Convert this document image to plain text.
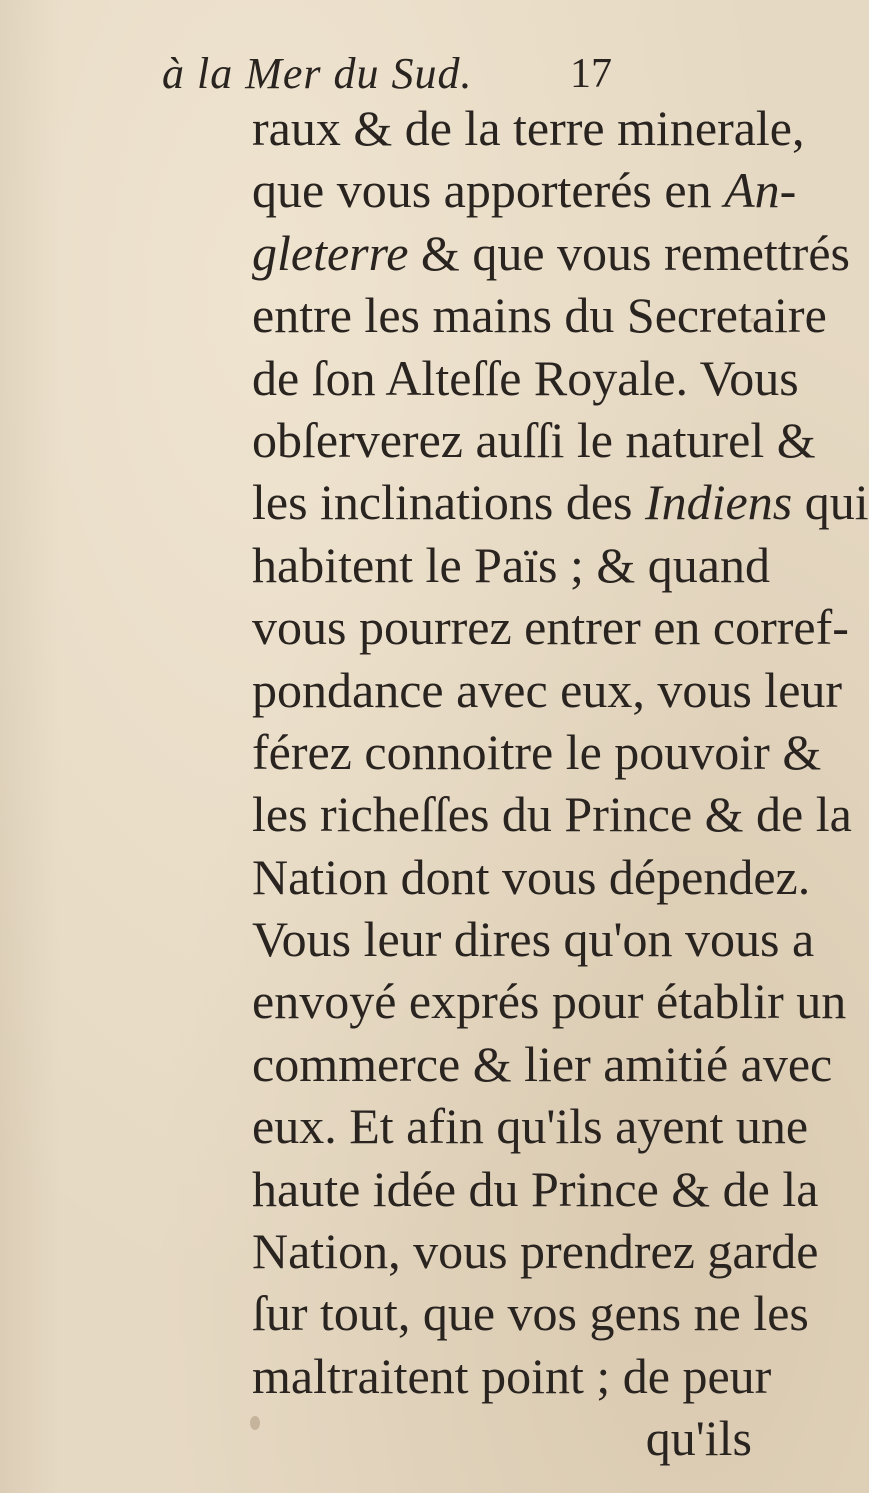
à la Mer du Sud. 17
raux & de la terre minerale,
que vous apporterés en An-
gleterre & que vous remettrés
entre les mains du Secretaire
de ſon Alteſſe Royale. Vous
obſerverez auſſi le naturel &
les inclinations des Indiens qui
habitent le Païs ; & quand
vous pourrez entrer en corref-
pondance avec eux, vous leur
férez connoitre le pouvoir &
les richeſſes du Prince & de la
Nation dont vous dépendez.
Vous leur dires qu'on vous a
envoyé exprés pour établir un
commerce & lier amitié avec
eux. Et afin qu'ils ayent une
haute idée du Prince & de la
Nation, vous prendrez garde
ſur tout, que vos gens ne les
maltraitent point ; de peur
qu'ils
